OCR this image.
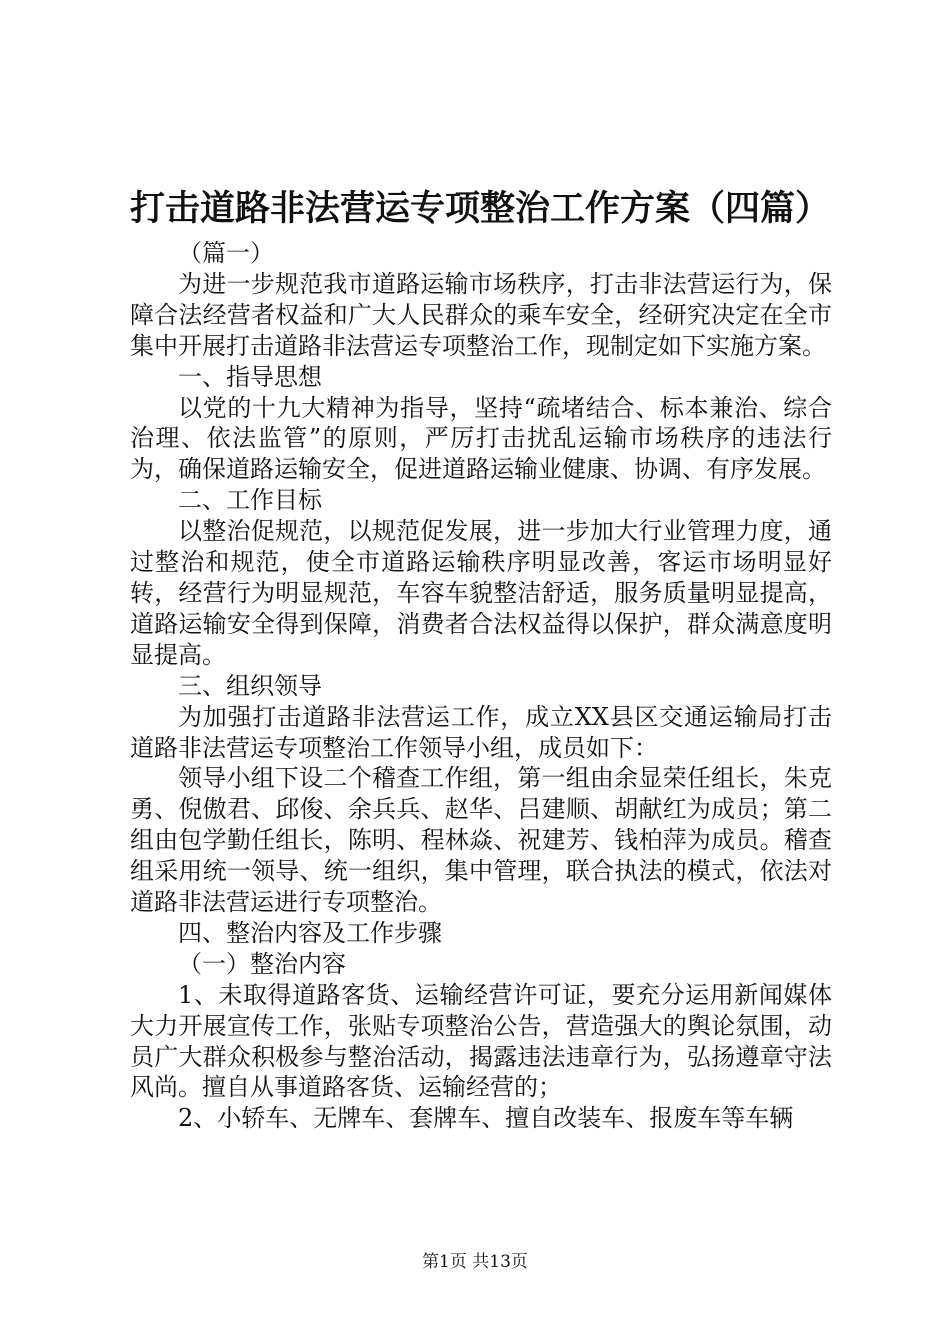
打击道路非法营运专项整治工作方案（四篇）

（篇一）

为进一步规范我市道路运输市场秩序，打击非法营运行为，保障合法经营者权益和广大人民群众的乘车安全，经研究决定在全市集中开展打击道路非法营运专项整治工作，现制定如下实施方案。

一、指导思想

以党的十九大精神为指导，坚持“疏堵结合、标本兼治、综合治理、依法监管”的原则，严厉打击扰乱运输市场秩序的违法行为，确保道路运输安全，促进道路运输业健康、协调、有序发展。

二、工作目标

以整治促规范，以规范促发展，进一步加大行业管理力度，通过整治和规范，使全市道路运输秩序明显改善，客运市场明显好转，经营行为明显规范，车容车貌整洁舒适，服务质量明显提高，道路运输安全得到保障，消费者合法权益得以保护，群众满意度明显提高。

三、组织领导

为加强打击道路非法营运工作，成立XX县区交通运输局打击道路非法营运专项整治工作领导小组，成员如下：

领导小组下设二个稽查工作组，第一组由余显荣任组长，朱克勇、倪傲君、邱俊、余兵兵、赵华、吕建顺、胡献红为成员；第二组由包学勤任组长，陈明、程林焱、祝建芳、钱柏萍为成员。稽查组采用统一领导、统一组织，集中管理，联合执法的模式，依法对道路非法营运进行专项整治。

四、整治内容及工作步骤

（一）整治内容

1、未取得道路客货、运输经营许可证，要充分运用新闻媒体大力开展宣传工作，张贴专项整治公告，营造强大的舆论氛围，动员广大群众积极参与整治活动，揭露违法违章行为，弘扬遵章守法风尚。擅自从事道路客货、运输经营的；

2、小轿车、无牌车、套牌车、擅自改装车、报废车等车辆

第1页 共13页
